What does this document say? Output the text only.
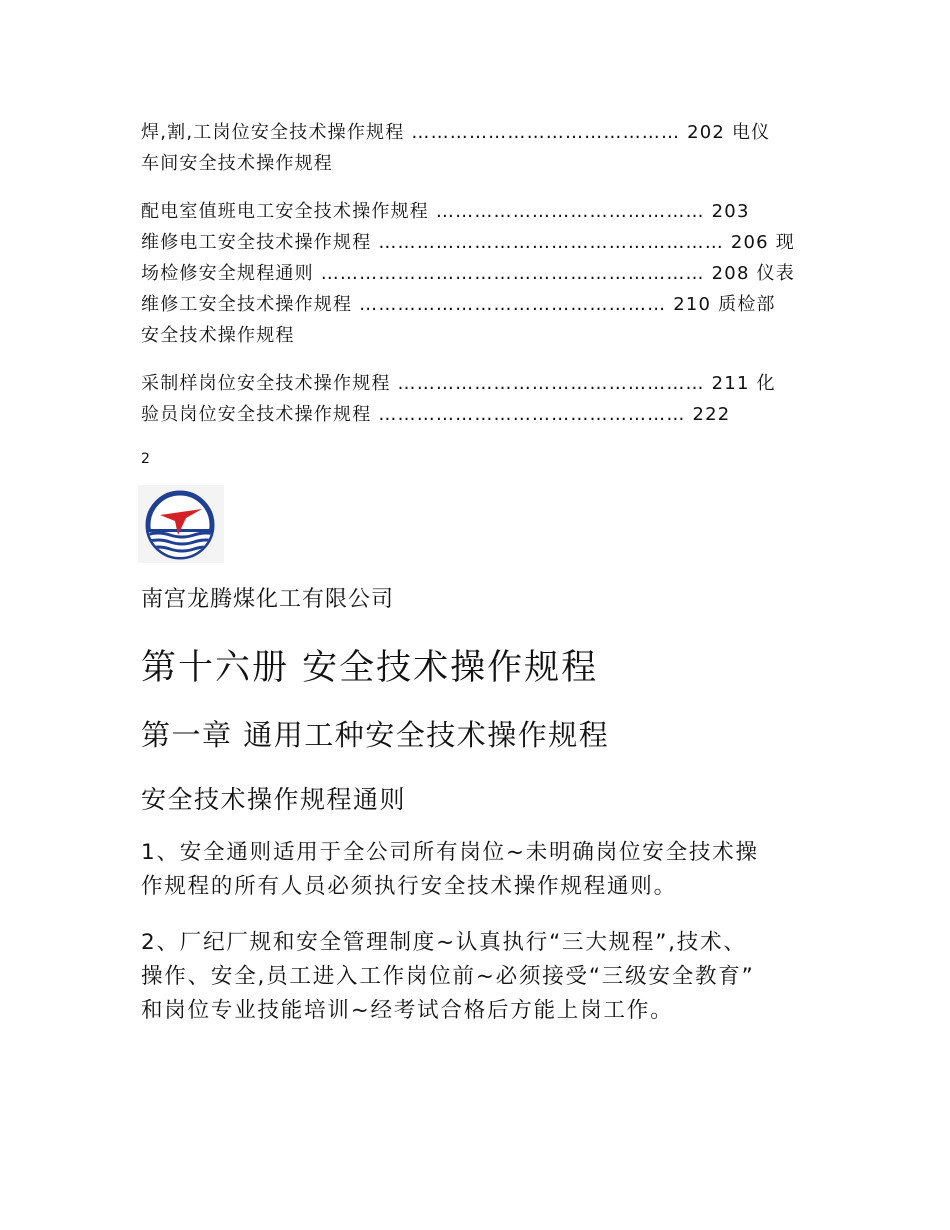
焊,割,工岗位安全技术操作规程 …………………………………… 202 电仪
车间安全技术操作规程
配电室值班电工安全技术操作规程 …………………………………… 203
维修电工安全技术操作规程 ……………………………………………… 206 现
场检修安全规程通则 …………………………………………………… 208 仪表
维修工安全技术操作规程 ………………………………………… 210 质检部
安全技术操作规程
采制样岗位安全技术操作规程 ………………………………………… 211 化
验员岗位安全技术操作规程 ………………………………………… 222
2
南宫龙腾煤化工有限公司
第十六册 安全技术操作规程
第一章 通用工种安全技术操作规程
安全技术操作规程通则
1、安全通则适用于全公司所有岗位~未明确岗位安全技术操
作规程的所有人员必须执行安全技术操作规程通则。
2、厂纪厂规和安全管理制度~认真执行“三大规程”,技术、
操作、安全,员工进入工作岗位前~必须接受“三级安全教育”
和岗位专业技能培训~经考试合格后方能上岗工作。
